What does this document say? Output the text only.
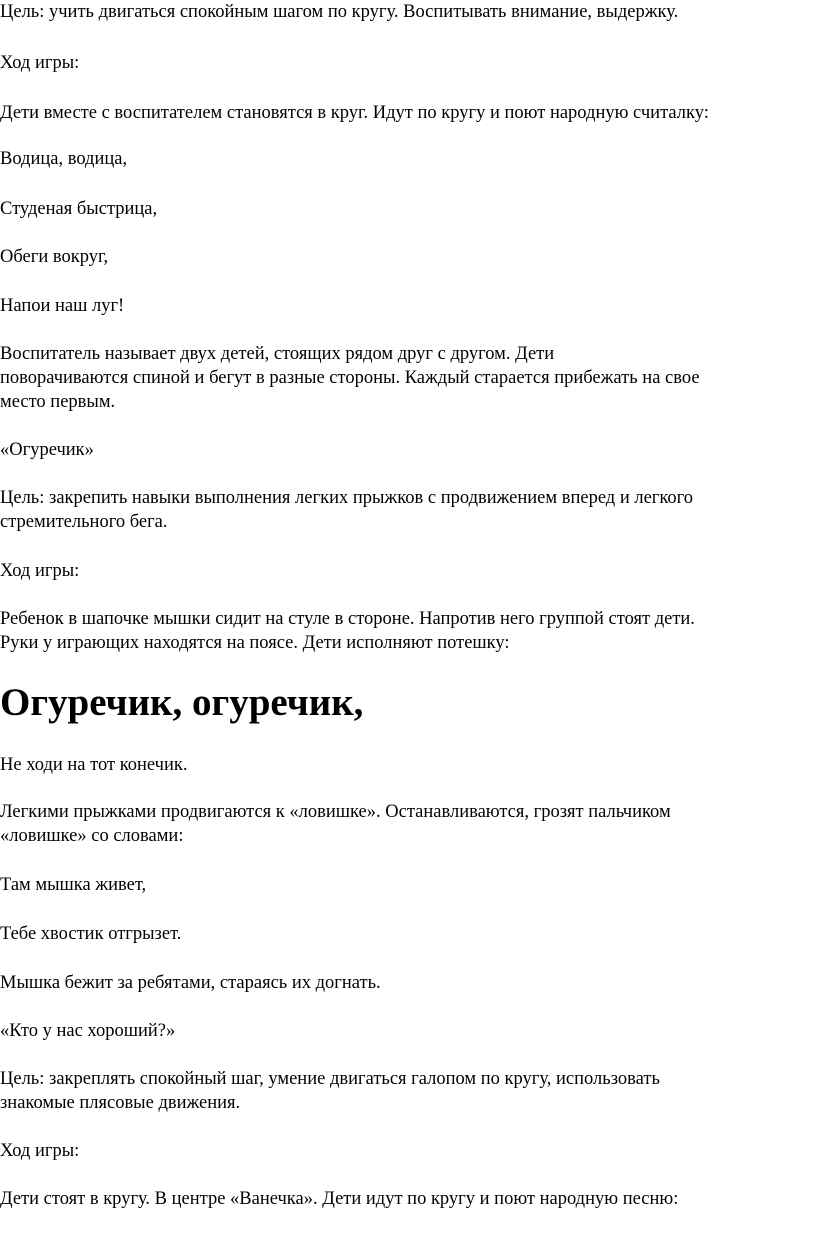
Цель: учить двигаться спокойным шагом по кругу. Воспитывать внимание, выдержку.

Ход игры:

Дети вместе с воспитателем становятся в круг. Идут по кругу и поют народную считалку:

Водица, водица,

Студеная быстрица,

Обеги вокруг,

Напои наш луг!

Воспитатель называет двух детей, стоящих рядом друг с другом. Дети

поворачиваются спиной и бегут в разные стороны. Каждый старается прибежать на свое

место первым.

«Огуречик»

Цель: закрепить навыки выполнения легких прыжков с продвижением вперед и легкого

стремительного бега.

Ход игры:

Ребенок в шапочке мышки сидит на стуле в стороне. Напротив него группой стоят дети.

Руки у играющих находятся на поясе. Дети исполняют потешку:

Огуречик, огуречик,

Не ходи на тот конечик.

Легкими прыжками продвигаются к «ловишке». Останавливаются, грозят пальчиком

«ловишке» со словами:

Там мышка живет,

Тебе хвостик отгрызет.

Мышка бежит за ребятами, стараясь их догнать.

«Кто у нас хороший?»

Цель: закреплять спокойный шаг, умение двигаться галопом по кругу, использовать

знакомые плясовые движения.

Ход игры:

Дети стоят в кругу. В центре «Ванечка». Дети идут по кругу и поют народную песню:
